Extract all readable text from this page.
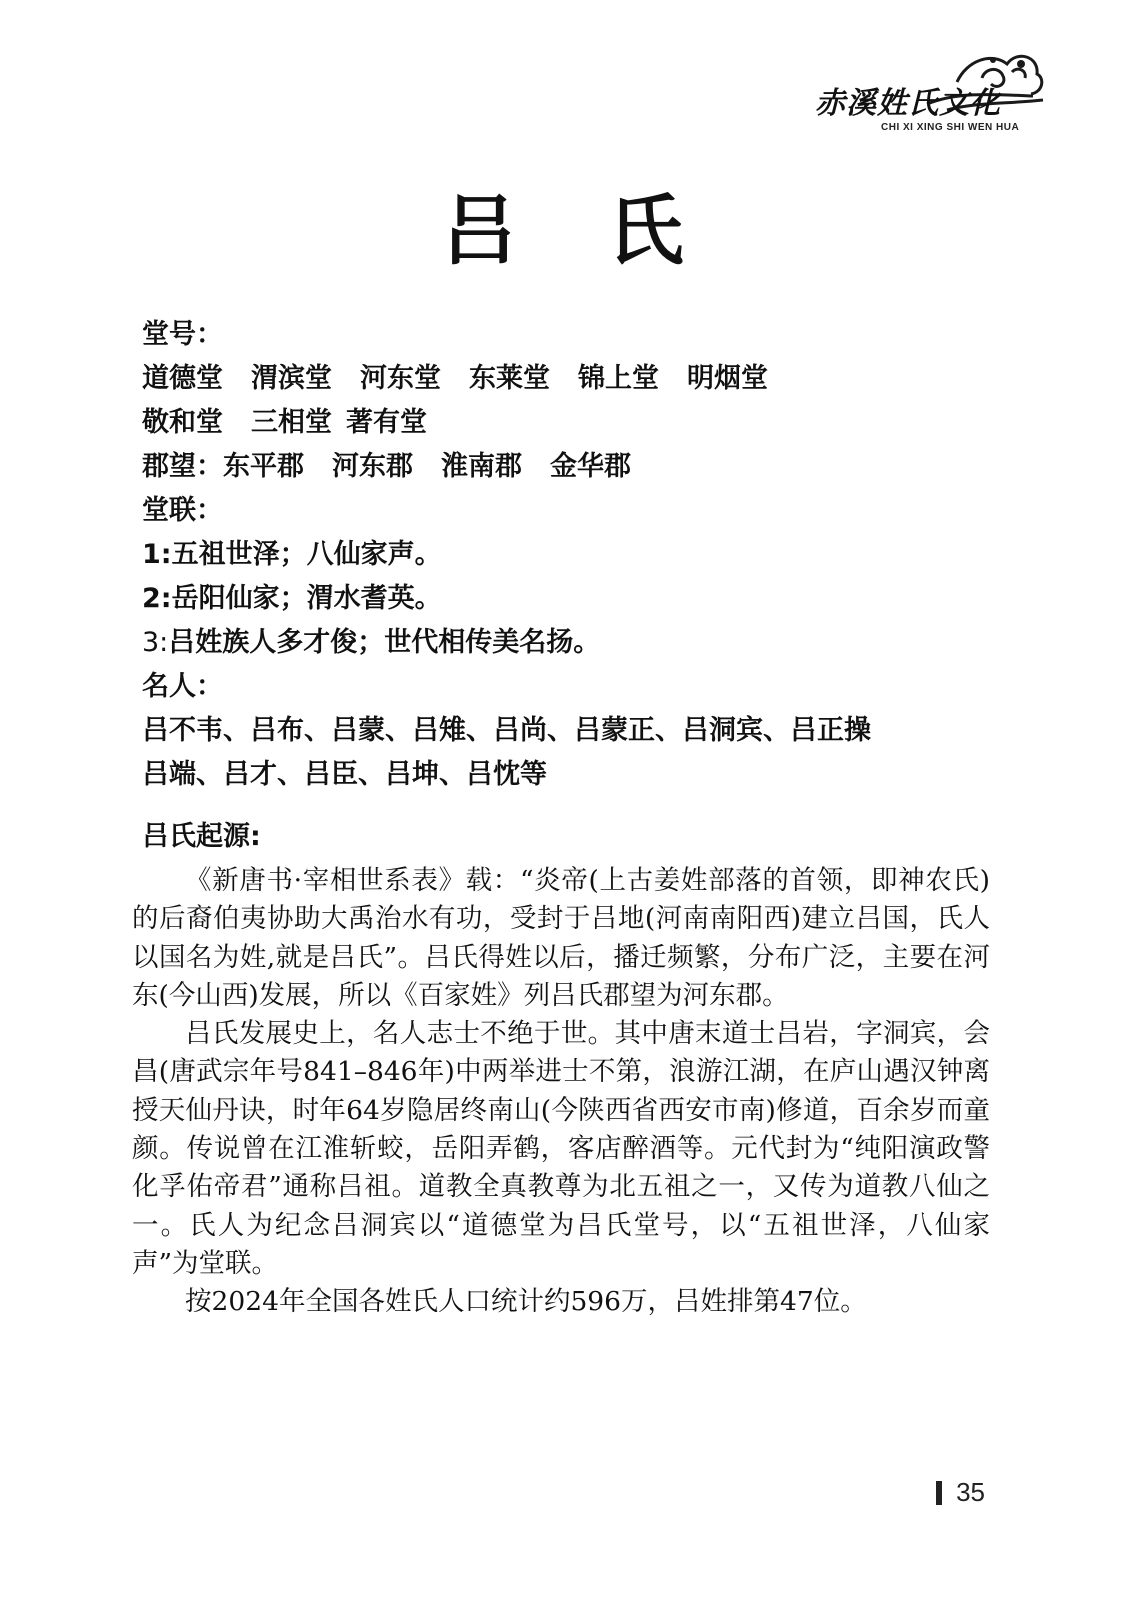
赤溪姓氏文化
CHI XI XING SHI WEN HUA
吕氏
堂号：
道德堂 渭滨堂 河东堂 东莱堂 锦上堂 明烟堂
敬和堂 三相堂 著有堂
郡望：东平郡 河东郡 淮南郡 金华郡
堂联：
1:五祖世泽；八仙家声。
2:岳阳仙家；渭水耆英。
3:吕姓族人多才俊；世代相传美名扬。
名人：
吕不韦、吕布、吕蒙、吕雉、吕尚、吕蒙正、吕洞宾、吕正操
吕端、吕才、吕臣、吕坤、吕忱等
吕氏起源:

《新唐书·宰相世系表》载：“炎帝(上古姜姓部落的首领，即神农氏)的后裔伯夷协助大禹治水有功，受封于吕地(河南南阳西)建立吕国，氏人以国名为姓,就是吕氏”。吕氏得姓以后，播迁频繁，分布广泛，主要在河东(今山西)发展，所以《百家姓》列吕氏郡望为河东郡。

吕氏发展史上，名人志士不绝于世。其中唐末道士吕岩，字洞宾，会昌(唐武宗年号841–846年)中两举进士不第，浪游江湖，在庐山遇汉钟离授天仙丹诀，时年64岁隐居终南山(今陕西省西安市南)修道，百余岁而童颜。传说曾在江淮斩蛟，岳阳弄鹤，客店醉酒等。元代封为“纯阳演政警化孚佑帝君”通称吕祖。道教全真教尊为北五祖之一，又传为道教八仙之一。氏人为纪念吕洞宾以“道德堂为吕氏堂号，以“五祖世泽，八仙家声”为堂联。

按2024年全国各姓氏人口统计约596万，吕姓排第47位。

35
